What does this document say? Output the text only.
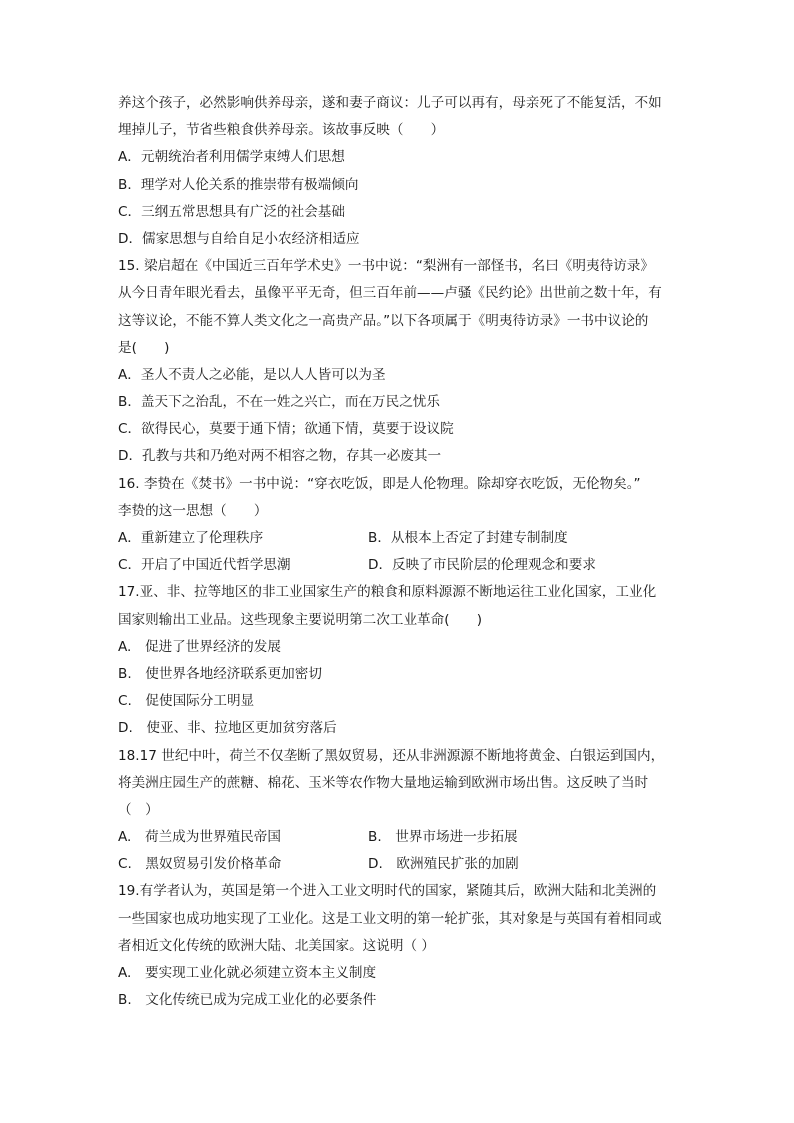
养这个孩子，必然影响供养母亲，遂和妻子商议：儿子可以再有，母亲死了不能复活，不如
埋掉儿子，节省些粮食供养母亲。该故事反映（　　）
A．元朝统治者利用儒学束缚人们思想
B．理学对人伦关系的推崇带有极端倾向
C．三纲五常思想具有广泛的社会基础
D．儒家思想与自给自足小农经济相适应
15. 梁启超在《中国近三百年学术史》一书中说：“梨洲有一部怪书，名曰《明夷待访录》
从今日青年眼光看去，虽像平平无奇，但三百年前——卢骚《民约论》出世前之数十年，有
这等议论，不能不算人类文化之一高贵产品。”以下各项属于《明夷待访录》一书中议论的
是(　　)
A．圣人不责人之必能，是以人人皆可以为圣
B．盖天下之治乱，不在一姓之兴亡，而在万民之忧乐
C．欲得民心，莫要于通下情；欲通下情，莫要于设议院
D．孔教与共和乃绝对两不相容之物，存其一必废其一
16. 李贽在《焚书》一书中说：“穿衣吃饭，即是人伦物理。除却穿衣吃饭，无伦物矣。”
李贽的这一思想（　　）
A．重新建立了伦理秩序	B．从根本上否定了封建专制制度
C．开启了中国近代哲学思潮	D．反映了市民阶层的伦理观念和要求
17.亚、非、拉等地区的非工业国家生产的粮食和原料源源不断地运往工业化国家，工业化
国家则输出工业品。这些现象主要说明第二次工业革命(　　)
A.　促进了世界经济的发展
B.　使世界各地经济联系更加密切
C.　促使国际分工明显
D.　使亚、非、拉地区更加贫穷落后
18.17 世纪中叶，荷兰不仅垄断了黑奴贸易，还从非洲源源不断地将黄金、白银运到国内，
将美洲庄园生产的蔗糖、棉花、玉米等农作物大量地运输到欧洲市场出售。这反映了当时
（　）
A.　荷兰成为世界殖民帝国	B.　世界市场进一步拓展
C.　黑奴贸易引发价格革命	D.　欧洲殖民扩张的加剧
19.有学者认为，英国是第一个进入工业文明时代的国家，紧随其后，欧洲大陆和北美洲的
一些国家也成功地实现了工业化。这是工业文明的第一轮扩张，其对象是与英国有着相同或
者相近文化传统的欧洲大陆、北美国家。这说明（ ）
A.　要实现工业化就必须建立资本主义制度
B.　文化传统已成为完成工业化的必要条件
